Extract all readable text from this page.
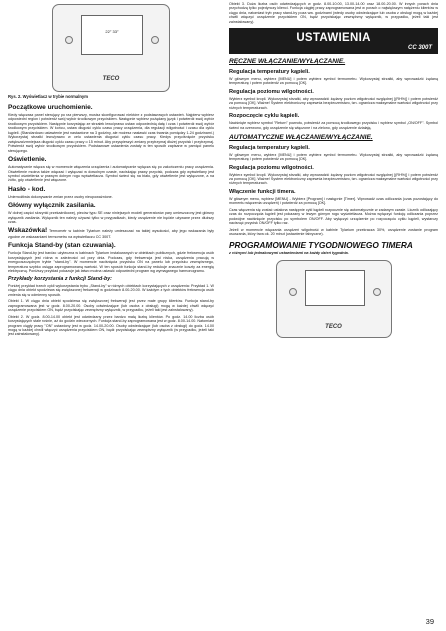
22° 33°
TECO
Rys. 2. Wyświetlacz w trybie normalnym
Początkowe uruchomienie.

Kiedy włączasz panel sterujący po raz pierwszy, musisz skonfigurować niektóre z podstawowych ustawień. Najpierw wybierz odpowiedni region i potwierdź swój wybór środkowym przyciskiem. Następnie wybierz pożądany język i potwierdź swój wybór środkowym przyciskiem. Następnie korzystając ze strzałek lewo/prawo ustaw odpowiednią datę i czas i potwierdź swój wybór środkowym przyciskiem. W końcu, ustaw długość cyklu czasu pracy urządzenia, dla regulacji wilgotności i czasu dla cyklu kąpieli. (Standardowo ustawienie jest nastawione na 3 godziny, ale możesz nastawić czas trwania pomiędzy 1-24 godzinami.) Wykorzystaj strzałki lewo/prawo w celu ustawienia długości cyklu czasu pracy. Kiedys przyciśnięcie przycisku zwiększa/zmniejsza długość cyklu czasu pracy o 15 minut. Aby przyspieszyć zmiany przytrzymaj dłużej przycisk i przytrzymaj. Potwierdź swój wybór środkowym przyciskiem. Podstawowe ustawienia zostały w ten sposób zapisane w pamięci panelu sterującego.

Oświetlenie.

Automatycznie włącza się w momencie włączenia urządzenia i automatycznie wyłącza się po zakończeniu pracy urządzenia. Oświetlenie można także włączać i wyłączać w dowolnym czasie, naciskając prawy przycisk, podczas gdy wyświetlany jest symbol oświetlenia w prawym dolnym rogu wyświetlacza. Symbol świeci się na biało, gdy oświetlenie jest wyłączone, a na żółto, gdy oświetlenie jest włączone.

Hasło - kod.

Uniemożliwia dokonywanie zmian przez osoby nieupoważnione.

Główny wyłącznik zasilania.

W dolnej części skrzynki przekaźnikowej, pieców typu SE oraz niniejszych modeli generatorów pary umieszczony jest główny wyłącznik zasilania. Wyłącznik ten należy używać tylko w przypadkach, kiedy urządzenie nie będzie używane przez dłuższy czas.

Wskazówka! Termometr w kabinie Tylarium należy umieszczać na takiej wysokości, aby jego wskazania były zgodne ze wskazaniami termometru na wyświetlaczu CC 300T.

Funkcja Stand-by (stan czuwania).

Funkcja Stand-by jest bardzo użyteczna w kabinach Tylarium instalowanych w obiektach publicznych, gdzie frekwencja osób korzystających jest różna w zależności od pory dnia. Podczas, gdy frekwencja jest niska, urządzenia pracują w energooszczędnym trybie "stand-by". W momencie naciśnięcia przycisku ON na panelu lub przycisku zewnętrznego, temperatura szybko osiąga zaprogramowaną wartość. W ten sposób funkcja stand-by redukuje znacznie koszty za energię elektryczną. Poniższy przykład pokazuje jak łatwo można ustawić odpowiedni program wg wymaganego harmonogramu.

Przykłady korzystania z funkcji Stand-by:

Poniżej przykład trzech cykli wykorzystania trybu „Stand-by" w różnych obiektach korzystających z urządzenia: Przykład 1. W ciągu dnia obiekt spodziewa się zwiększonej frekwencji w godzinach 8.00-20.00. W każdym z tych obiektów frekwencja osób zmienia się w odmienny sposób.

Obiekt 1. W ciągu dnia obiekt spodziewa się zwiększonej frekwencji jest przez małe grupy klientów. Funkcja stand-by zaprogramowana jest w godz. 8.00-20.00. Osoby odwiedzające (lub osoba z obsługi) mogą w każdej chwili włączyć urządzenie przyciskiem ON, bądź przyciskając zewnętrzny wyłącznik, w przypadku, jeżeli taki jest zainstalowany).

Obiekt 2. W godz. 8.00-14.00 obiekt jest odwiedzany przez bardzo małą liczbę klientów. Po godz. 14.00 liczba osób korzystających stale rośnie, aż do godzin wieczornych. Funkcja stand-by zaprogramowana jest w godz. 8.00-14.00. Natomiast program ciągły pracy "ON" ustawiony jest w godz. 14.00-20.00. Osoby odwiedzające (lub osoba z obsługi) do godz. 14.00 mogą w każdej chwili włączyć urządzenia przyciskiem ON, bądź przyciskając zewnętrzny wyłącznik (w przypadku, jeżeli taki jest zainstalowany).

Obiekt 3. Duża liczba osób odwiedzających w godz. 8.00-10.00, 13.00-14.00 oraz 18.00-20.00. W innych porach dnia przychodzą tylko pojedynczy klienci. Funkcja ciągłej pracy zaprogramowana jest w porach o największym natężeniu klientów w ciągu dnia, natomiast tryb pracy stand-by poza ww. godzinami (wtedy osoby odwiedzające lub osoba z obsługi mogą w każdej chwili włączyć urządzenie przyciskiem ON, bądź przyciskając zewnętrzny wyłącznik, w przypadku, jeżeli taki jest zainstalowany).

USTAWIENIA
CC 300T
RĘCZNE WŁĄCZANIE/WYŁĄCZANIE.
Regulacja temperatury kąpieli.

W głównym menu, wybierz [MENU] i potem wybierz symbol termometru. Wykorzystaj strzałki, aby wprowadzić żądaną temperaturę i potem potwierdź za pomocą [OK].

Regulacja poziomu wilgotności.

Wybierz symbol kropli. Wykorzystaj strzałki, aby wprowadzić żądany poziom wilgotności względnej [(RH%)] i potem potwierdź za pomocą [OK]. Ważne! System elektroniczny zapewnia bezpieczeństwo, tzn. ogranicza maksymalne wartości wilgotności przy różnych temperaturach.

Rozpoczęcie cyklu kąpieli.

Naciśnięte wybierz symbol "Return" powrotu, potwierdź za pomocą środkowego przycisku i wybierz symbol „ON/OFF". Symbol świeci na czerwono, gdy urządzenie się włączone i na zielono, gdy urządzenie działają.

AUTOMATYCZNE WŁĄCZANIE/WYŁĄCZANIE.
Regulacja temperatury kąpieli.

W głównym menu, wybierz [MENU] i potem wybierz symbol termometru. Wykorzystaj strzałki, aby wprowadzić żądaną temperaturę i potem potwierdź za pomocą [OK].

Regulacja poziomu wilgotności.

Wybierz symbol kropli. Wykorzystaj strzałki, aby wprowadzić żądany poziom wilgotności względnej [(RH%)] i potem potwierdź za pomocą [OK]. Ważne! System elektroniczny zapewnia bezpieczeństwo, tzn. ogranicza maksymalne wartości wilgotności przy różnych temperaturach.

Włączenie funkcji timera.

W głównym menu, wybierz [MENU] - Wybierz [Program] i następnie [Timer]. Wprowadź czas odliczania (czas pozostający do momentu włączenia urządzeń) i potwierdź za pomocą [OK].

Czas włączenia się zostać ustalona następnie cykl kąpieli rozpocznie się automatycznie w zadanym czasie. Licznik odliczający czas do rozpoczęcia kąpieli jest pokazany w lewym górnym rogu wyświetlacza. Można wyłączyć funkcję odliczania poprzez podwójne naciśnięcie przycisku po symbolem ON/OFF. Aby wyłączyć urządzenie po rozpoczęciu cyklu kąpieli, wystarczy nacisnąć przycisk ON/OFF tylko raz.

Jeżeli w momencie włączania urządzeń wilgotność w kabinie Tylarium przekracza 30%, urządzenie zostanie program osuszania, który trwa ok. 20 minut (ustawienie fabryczne).

PROGRAMOWANIE TYGODNIOWEGO TIMERA
z różnymi lub jednakowymi ustawieniami na każdy dzień tygodnia.
TECO
39
